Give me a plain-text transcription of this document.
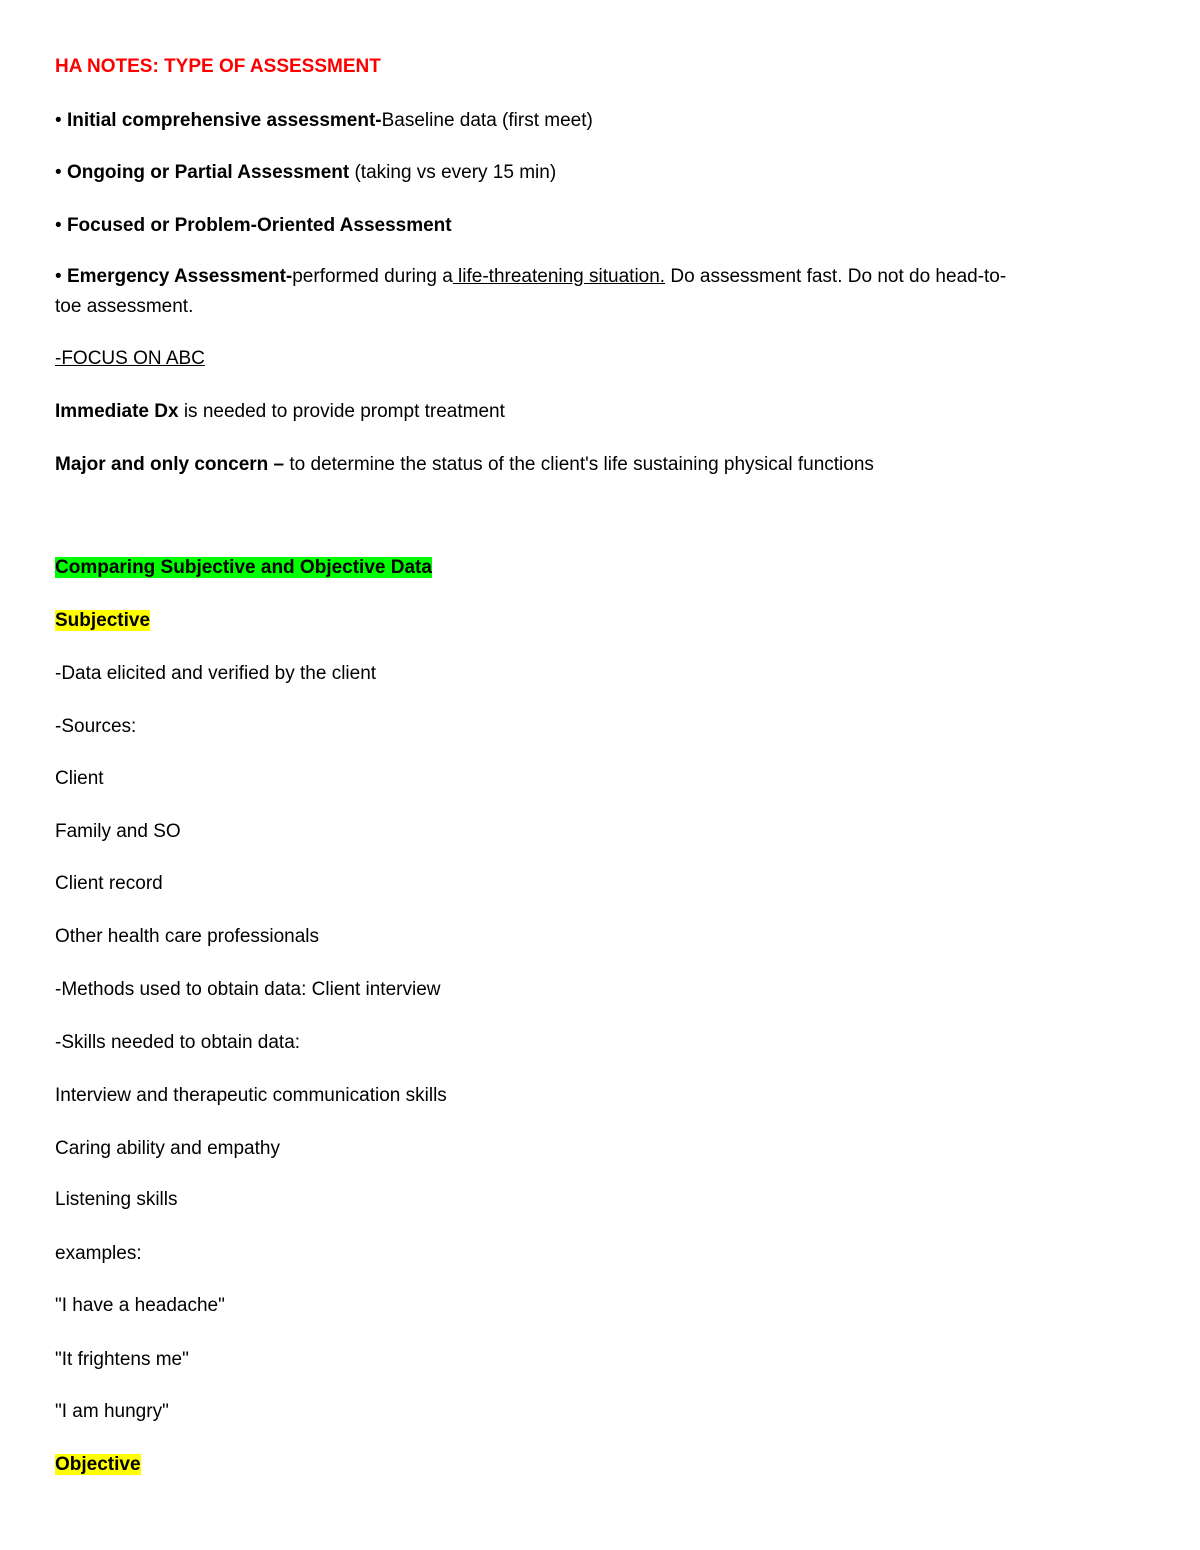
HA NOTES: TYPE OF ASSESSMENT
• Initial comprehensive assessment-Baseline data (first meet)
• Ongoing or Partial Assessment (taking vs every 15 min)
• Focused or Problem-Oriented Assessment
• Emergency Assessment-performed during a life-threatening situation. Do assessment fast. Do not do head-to-
toe assessment.
-FOCUS ON ABC
Immediate Dx is needed to provide prompt treatment
Major and only concern – to determine the status of the client's life sustaining physical functions
Comparing Subjective and Objective Data
Subjective
-Data elicited and verified by the client
-Sources:
Client
Family and SO
Client record
Other health care professionals
-Methods used to obtain data: Client interview
-Skills needed to obtain data:
Interview and therapeutic communication skills
Caring ability and empathy
Listening skills
examples:
"I have a headache"
"It frightens me"
"I am hungry"
Objective
